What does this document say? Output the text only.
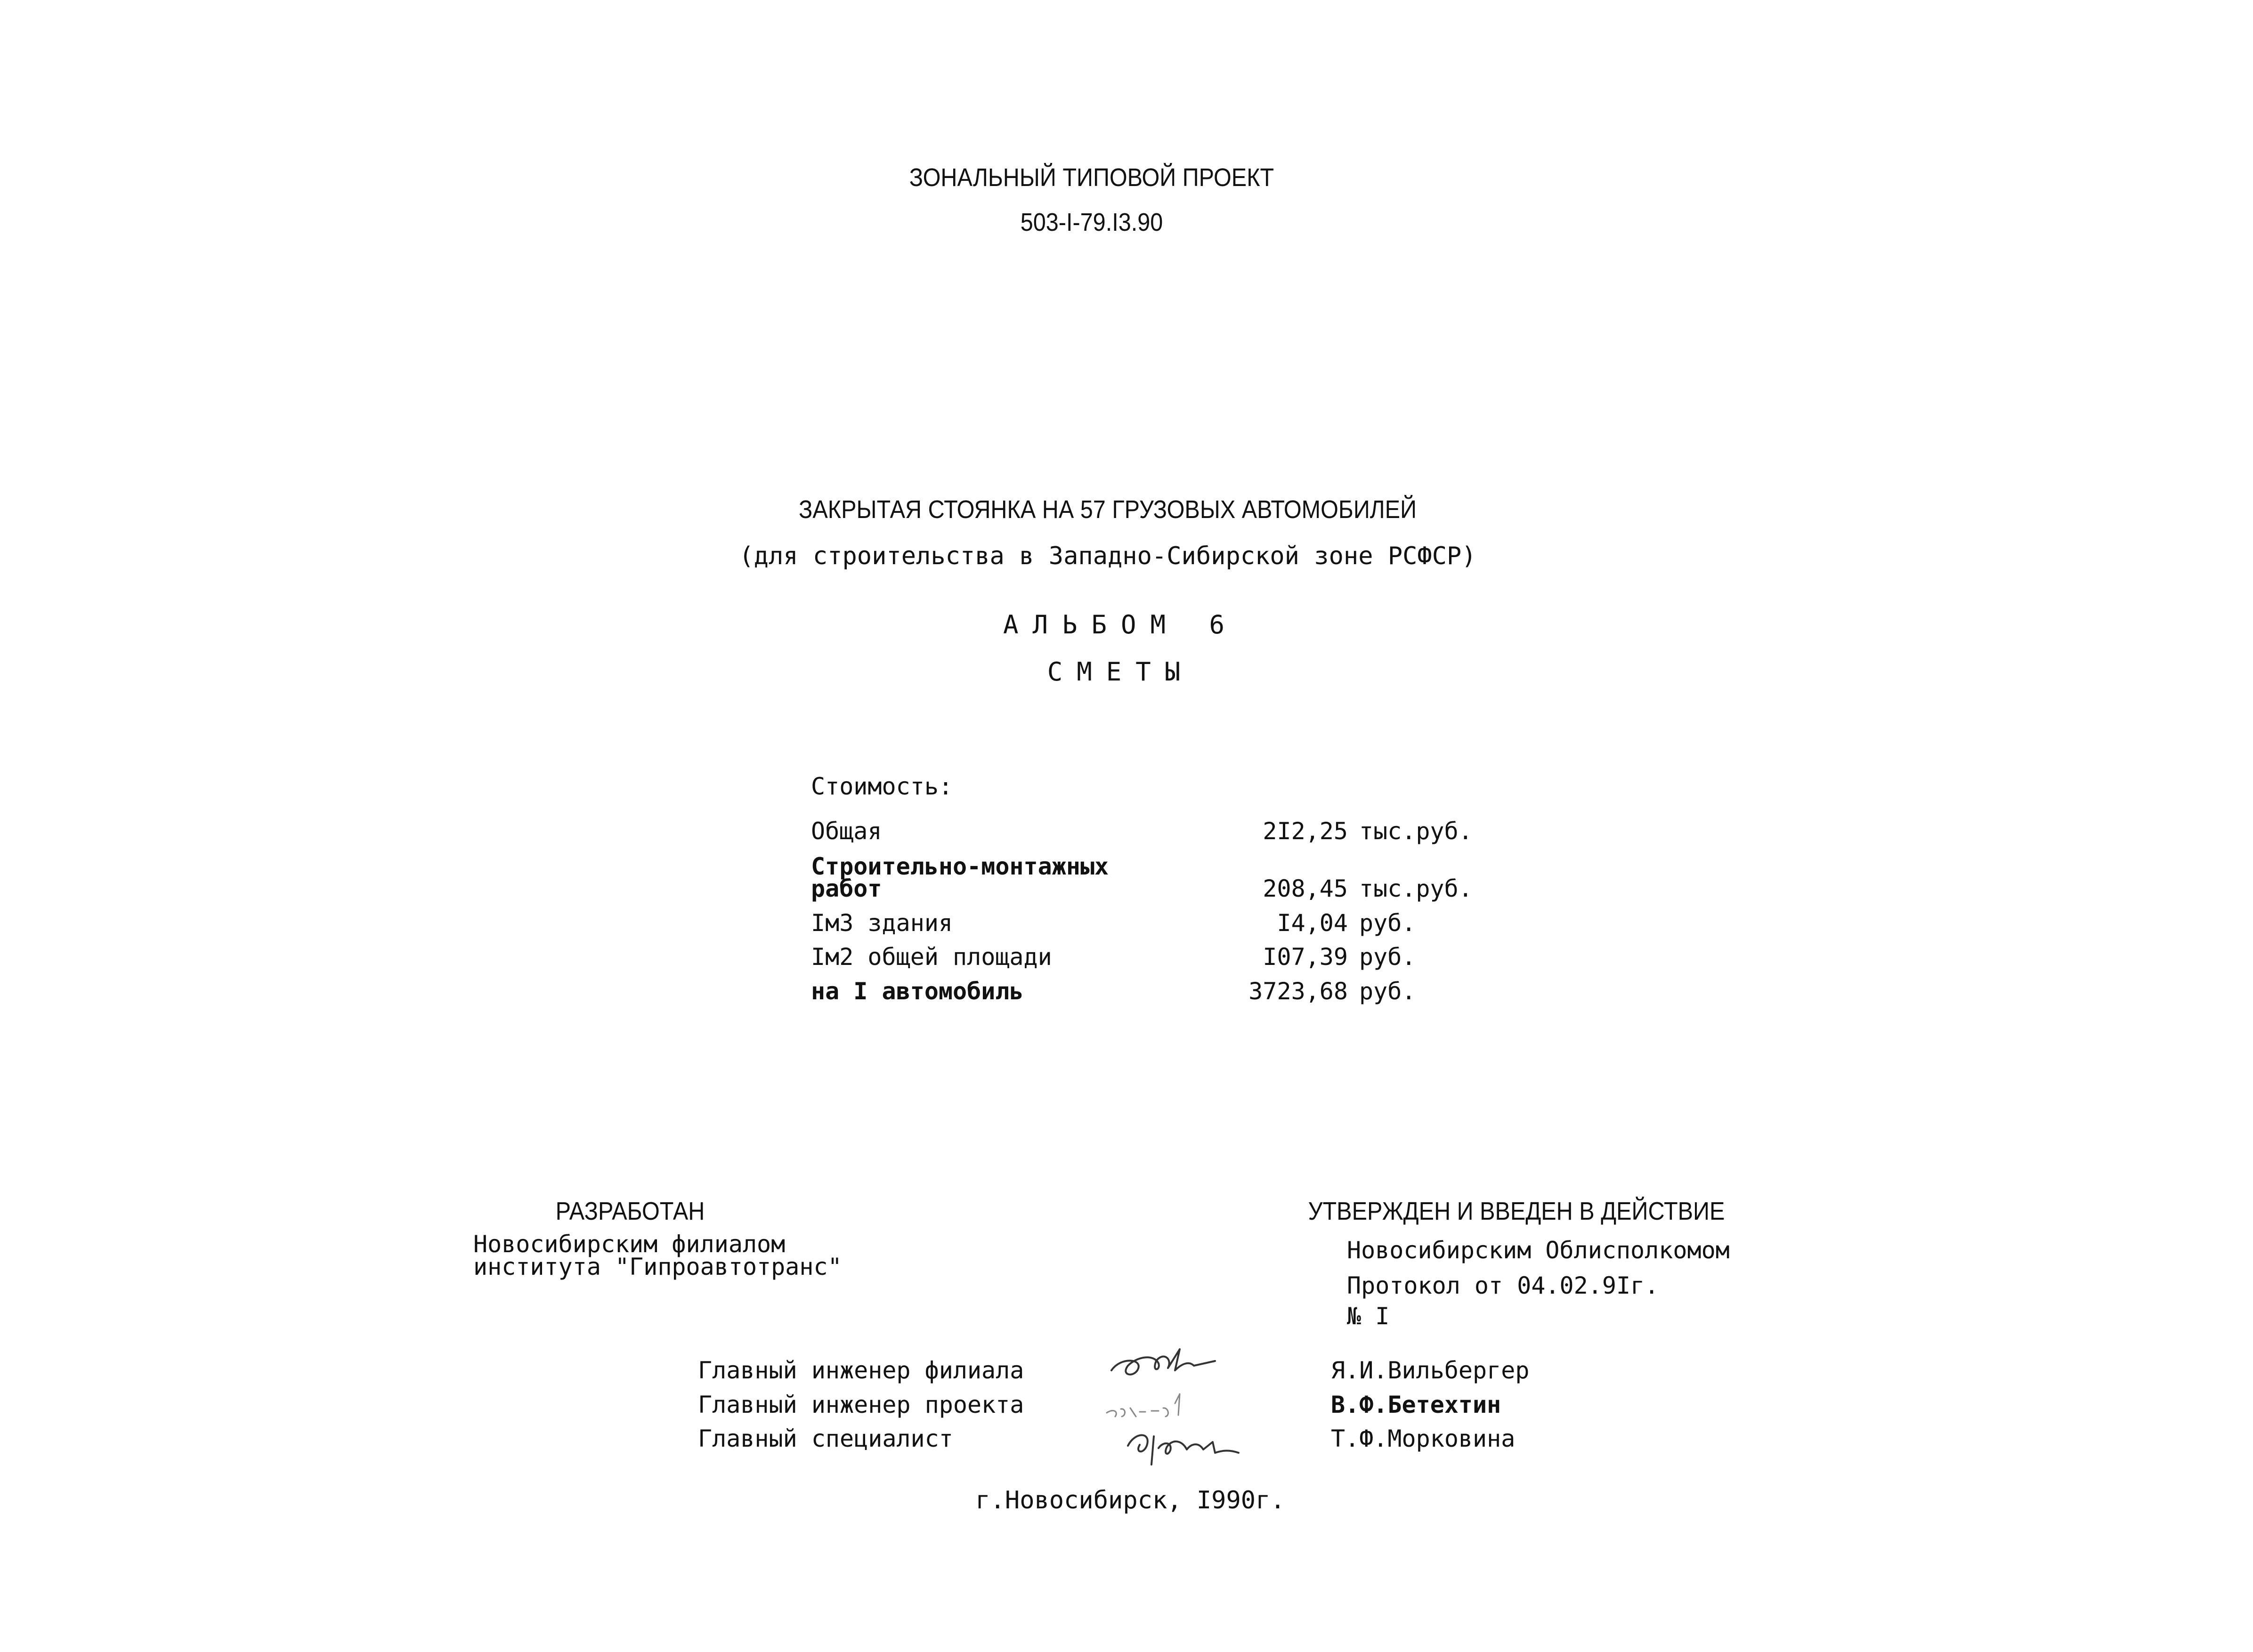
ЗОНАЛЬНЫЙ ТИПОВОЙ ПРОЕКТ
503-I-79.I3.90
ЗАКРЫТАЯ СТОЯНКА НА 57 ГРУЗОВЫХ АВТОМОБИЛЕЙ
(для строительства в Западно-Сибирской зоне РСФСР)
АЛЬБОМ 6
СМЕТЫ
Стоимость:
Общая	2I2,25 тыс.руб.
Строительно-монтажных
работ	208,45 тыс.руб.
Iм3 здания	I4,04 руб.
Iм2 общей площади	I07,39 руб.
на I автомобиль	3723,68 руб.
РАЗРАБОТАН
Новосибирским филиалом
института "Гипроавтотранс"
УТВЕРЖДЕН И ВВЕДЕН В ДЕЙСТВИЕ
Новосибирским Облисполкомом
Протокол от 04.02.9Iг.
№ I
Главный инженер филиала	Я.И.Вильбергер
Главный инженер проекта	В.Ф.Бетехтин
Главный специалист	Т.Ф.Морковина
г.Новосибирск, I990г.
